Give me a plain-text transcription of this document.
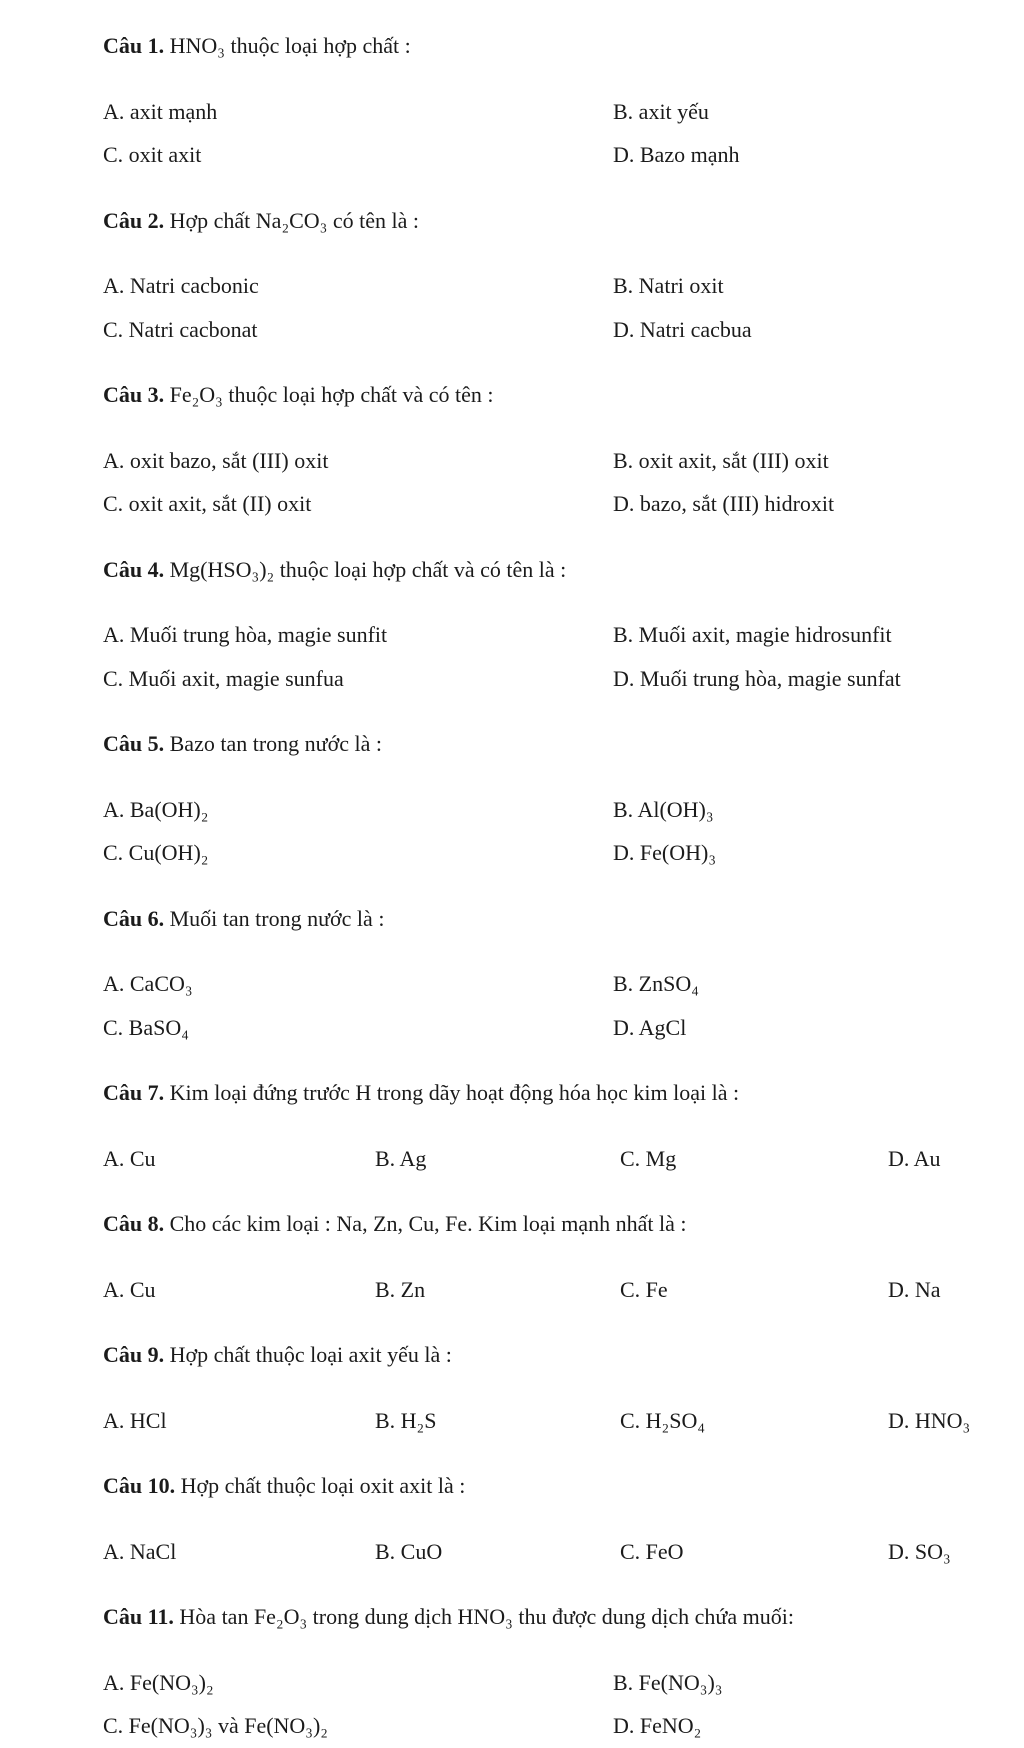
Câu 1. HNO₃ thuộc loại hợp chất :

A. axit mạnh	B. axit yếu
C. oxit axit	D. Bazo mạnh

Câu 2. Hợp chất Na₂CO₃ có tên là :

A. Natri cacbonic	B. Natri oxit
C. Natri cacbonat	D. Natri cacbua

Câu 3. Fe₂O₃ thuộc loại hợp chất và có tên :

A. oxit bazo, sắt (III) oxit	B. oxit axit, sắt (III) oxit
C. oxit axit, sắt (II) oxit	D. bazo, sắt (III) hidroxit

Câu 4. Mg(HSO₃)₂ thuộc loại hợp chất và có tên là :

A. Muối trung hòa, magie sunfit	B. Muối axit, magie hidrosunfit
C. Muối axit, magie sunfua	D. Muối trung hòa, magie sunfat

Câu 5. Bazo tan trong nước là :

A. Ba(OH)₂	B. Al(OH)₃
C. Cu(OH)₂	D. Fe(OH)₃

Câu 6. Muối tan trong nước là :

A. CaCO₃	B. ZnSO₄
C. BaSO₄	D. AgCl

Câu 7. Kim loại đứng trước H trong dãy hoạt động hóa học kim loại là :

A. Cu	B. Ag	C. Mg	D. Au

Câu 8. Cho các kim loại : Na, Zn, Cu, Fe. Kim loại mạnh nhất là :

A. Cu	B. Zn	C. Fe	D. Na

Câu 9. Hợp chất thuộc loại axit yếu là :

A. HCl	B. H₂S	C. H₂SO₄	D. HNO₃

Câu 10. Hợp chất thuộc loại oxit axit là :

A. NaCl	B. CuO	C. FeO	D. SO₃

Câu 11. Hòa tan Fe₂O₃ trong dung dịch HNO₃ thu được dung dịch chứa muối:

A. Fe(NO₃)₂	B. Fe(NO₃)₃
C. Fe(NO₃)₃ và Fe(NO₃)₂	D. FeNO₂
